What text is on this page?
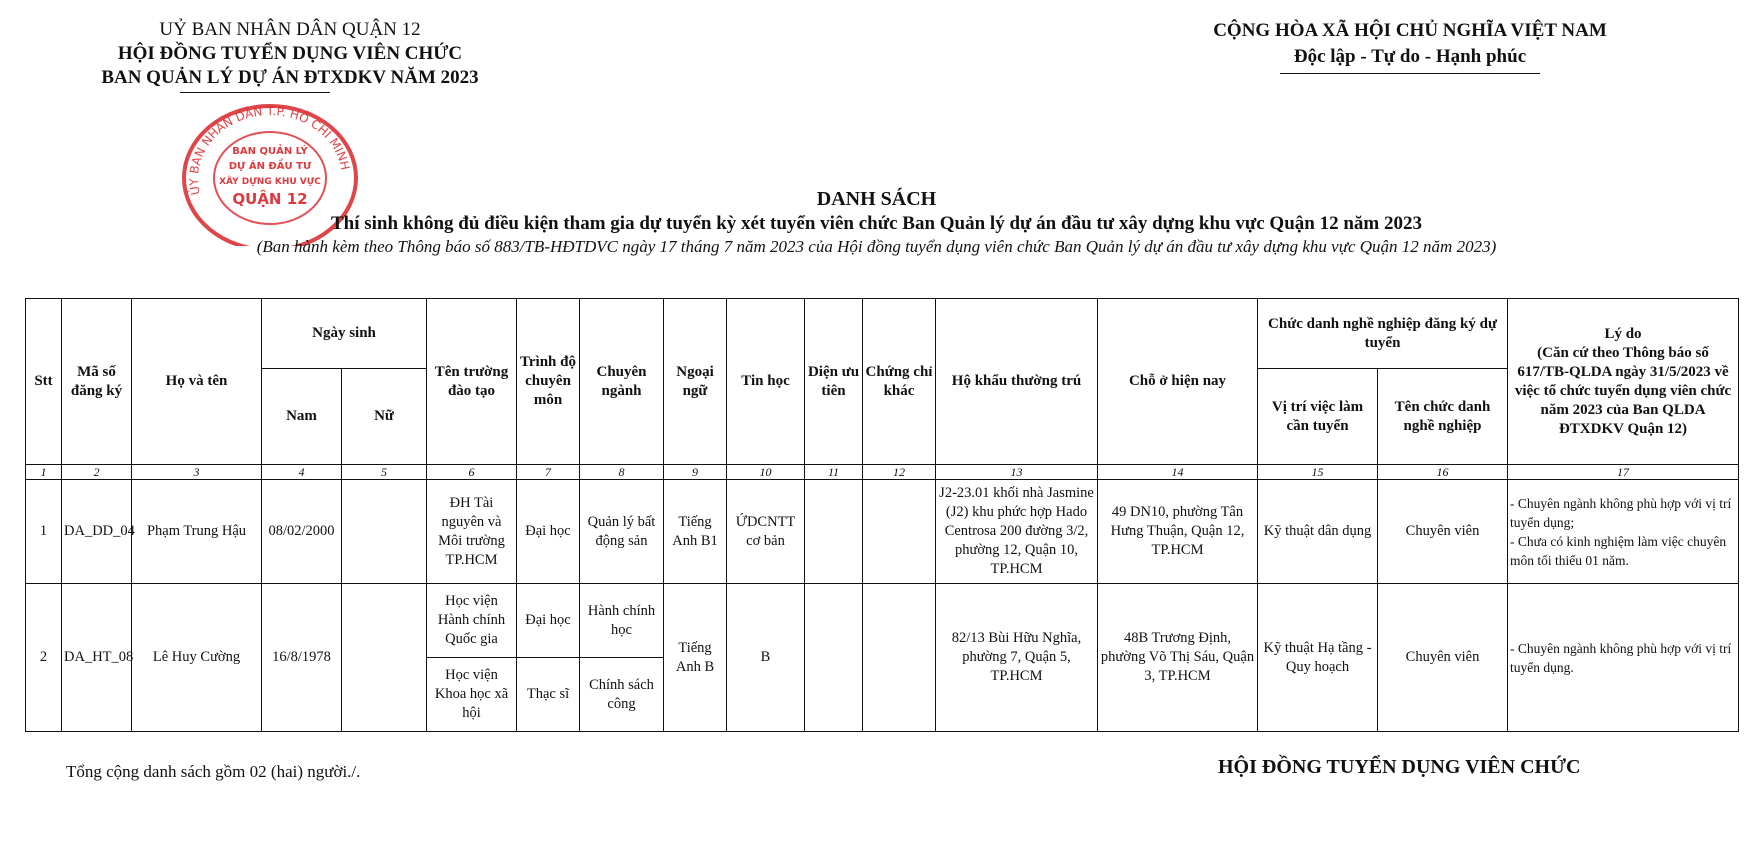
UỶ BAN NHÂN DÂN QUẬN 12
HỘI ĐỒNG TUYỂN DỤNG VIÊN CHỨC
BAN QUẢN LÝ DỰ ÁN ĐTXDKV NĂM 2023
CỘNG HÒA XÃ HỘI CHỦ NGHĨA VIỆT NAM
Độc lập - Tự do - Hạnh phúc
ỦY BAN NHÂN DÂN T.P. HỒ CHÍ MINH
BAN QUẢN LÝ
DỰ ÁN ĐẦU TƯ
XÂY DỰNG KHU VỰC
QUẬN 12	DANH SÁCH
Thí sinh không đủ điều kiện tham gia dự tuyển kỳ xét tuyển viên chức Ban Quản lý dự án đầu tư xây dựng khu vực Quận 12 năm 2023
(Ban hành kèm theo Thông báo số 883/TB-HĐTDVC ngày 17 tháng 7 năm 2023 của Hội đồng tuyển dụng viên chức Ban Quản lý dự án đầu tư xây dựng khu vực Quận 12 năm 2023)
Stt	Mã số đăng ký	Họ và tên	Ngày sinh		Tên trường đào tạo	Trình độ chuyên môn	Chuyên ngành	Ngoại ngữ	Tin học	Diện ưu tiên	Chứng chỉ khác	Hộ khẩu thường trú	Chỗ ở hiện nay	Chức danh nghề nghiệp đăng ký dự tuyển		Lý do
(Căn cứ theo Thông báo số 617/TB-QLDA ngày 31/5/2023 về việc tổ chức tuyển dụng viên chức năm 2023 của Ban QLDA ĐTXDKV Quận 12)

			Nam	Nữ										Vị trí việc làm cần tuyển	Tên chức danh nghề nghiệp	
1	2	3	4	5	6	7	8	9	10	11	12	13	14	15	16	17
1	DA_DD_04	Phạm Trung Hậu	08/02/2000		ĐH Tài nguyên và Môi trường TP.HCM	Đại học	Quản lý bất động sản	Tiếng Anh B1	ỨDCNTT cơ bản			J2-23.01 khối nhà Jasmine (J2) khu phức hợp Hado Centrosa 200 đường 3/2, phường 12, Quận 10, TP.HCM	49 DN10, phường Tân Hưng Thuận, Quận 12, TP.HCM	Kỹ thuật dân dụng	Chuyên viên	- Chuyên ngành không phù hợp với vị trí tuyển dụng;
- Chưa có kinh nghiệm làm việc chuyên môn tối thiểu 01 năm.

2	DA_HT_08	Lê Huy Cường	16/8/1978		Học viện Hành chính Quốc gia	Đại học	Hành chính học	Tiếng Anh B	B			82/13 Bùi Hữu Nghĩa, phường 7, Quận 5, TP.HCM	48B Trương Định, phường Võ Thị Sáu, Quận 3, TP.HCM	Kỹ thuật Hạ tầng - Quy hoạch	Chuyên viên	- Chuyên ngành không phù hợp với vị trí tuyển dụng.

					Học viện Khoa học xã hội	Thạc sĩ	Chính sách công									
Tổng cộng danh sách gồm 02 (hai) người./.	HỘI ĐỒNG TUYỂN DỤNG VIÊN CHỨC
